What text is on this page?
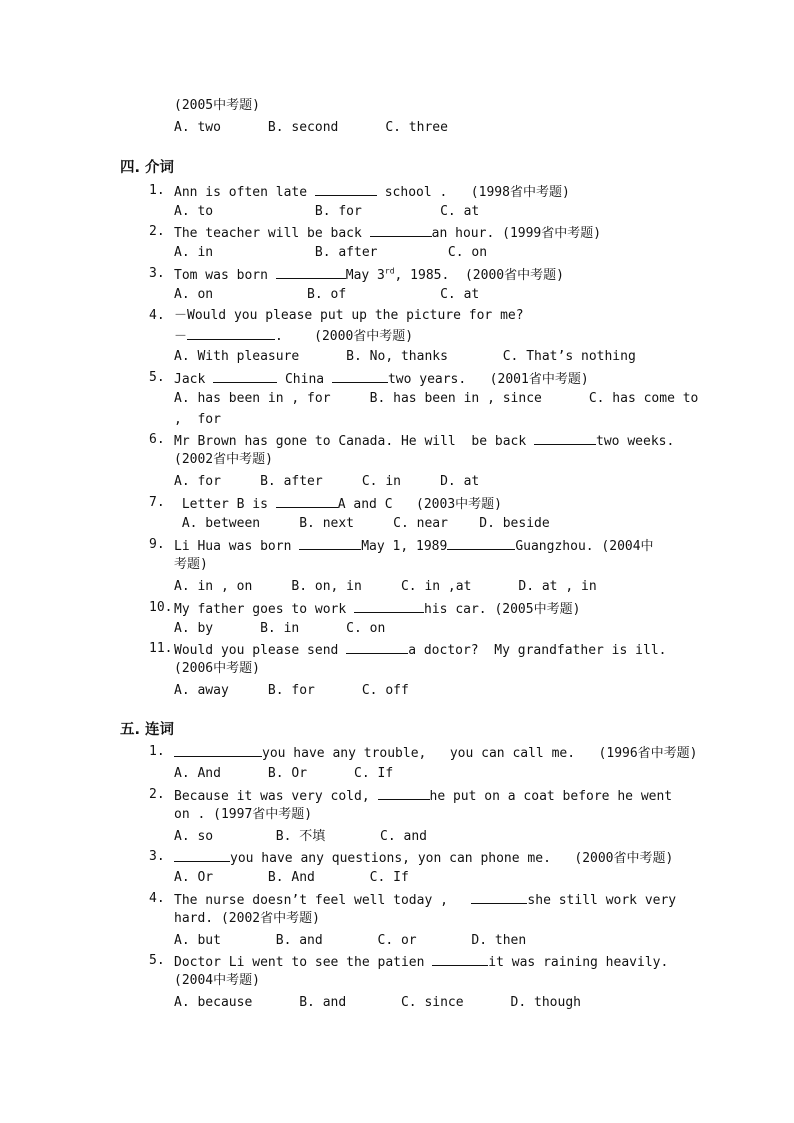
(2005中考题)
A. two      B. second      C. three
四. 介词
1. Ann is often late	school .   (1998省中考题)
A. to             B. for          C. at
2. The teacher will be back	an hour. (1999省中考题)
A. in             B. after         C. on
3. Tom was born	May 3rd, 1985.  (2000省中考题)
A. on            B. of            C. at
4. －Would you please put up the picture for me?
－	.    (2000省中考题)
A. With pleasure      B. No, thanks       C. That’s nothing
5. Jack	China	two years.   (2001省中考题)
A. has been in , for     B. has been in , since      C. has come to
,  for
6. Mr Brown has gone to Canada. He will  be back	two weeks.
(2002省中考题)
A. for     B. after     C. in     D. at
7. Letter B is	A and C   (2003中考题)
A. between     B. next     C. near    D. beside
9. Li Hua was born	May 1, 1989	Guangzhou. (2004中
考题)
A. in , on     B. on, in     C. in ,at      D. at , in
10. My father goes to work	his car. (2005中考题)
A. by      B. in      C. on
11. Would you please send	a doctor?  My grandfather is ill.
(2006中考题)
A. away     B. for      C. off
五. 连词
1.	you have any trouble,   you can call me.   (1996省中考题)
A. And      B. Or      C. If
2. Because it was very cold,	he put on a coat before he went
on . (1997省中考题)
A. so        B. 不填       C. and
3.	you have any questions, yon can phone me.   (2000省中考题)
A. Or       B. And       C. If
4. The nurse doesn’t feel well today ,	she still work very
hard. (2002省中考题)
A. but       B. and       C. or       D. then
5. Doctor Li went to see the patien	it was raining heavily.
(2004中考题)
A. because      B. and       C. since      D. though
